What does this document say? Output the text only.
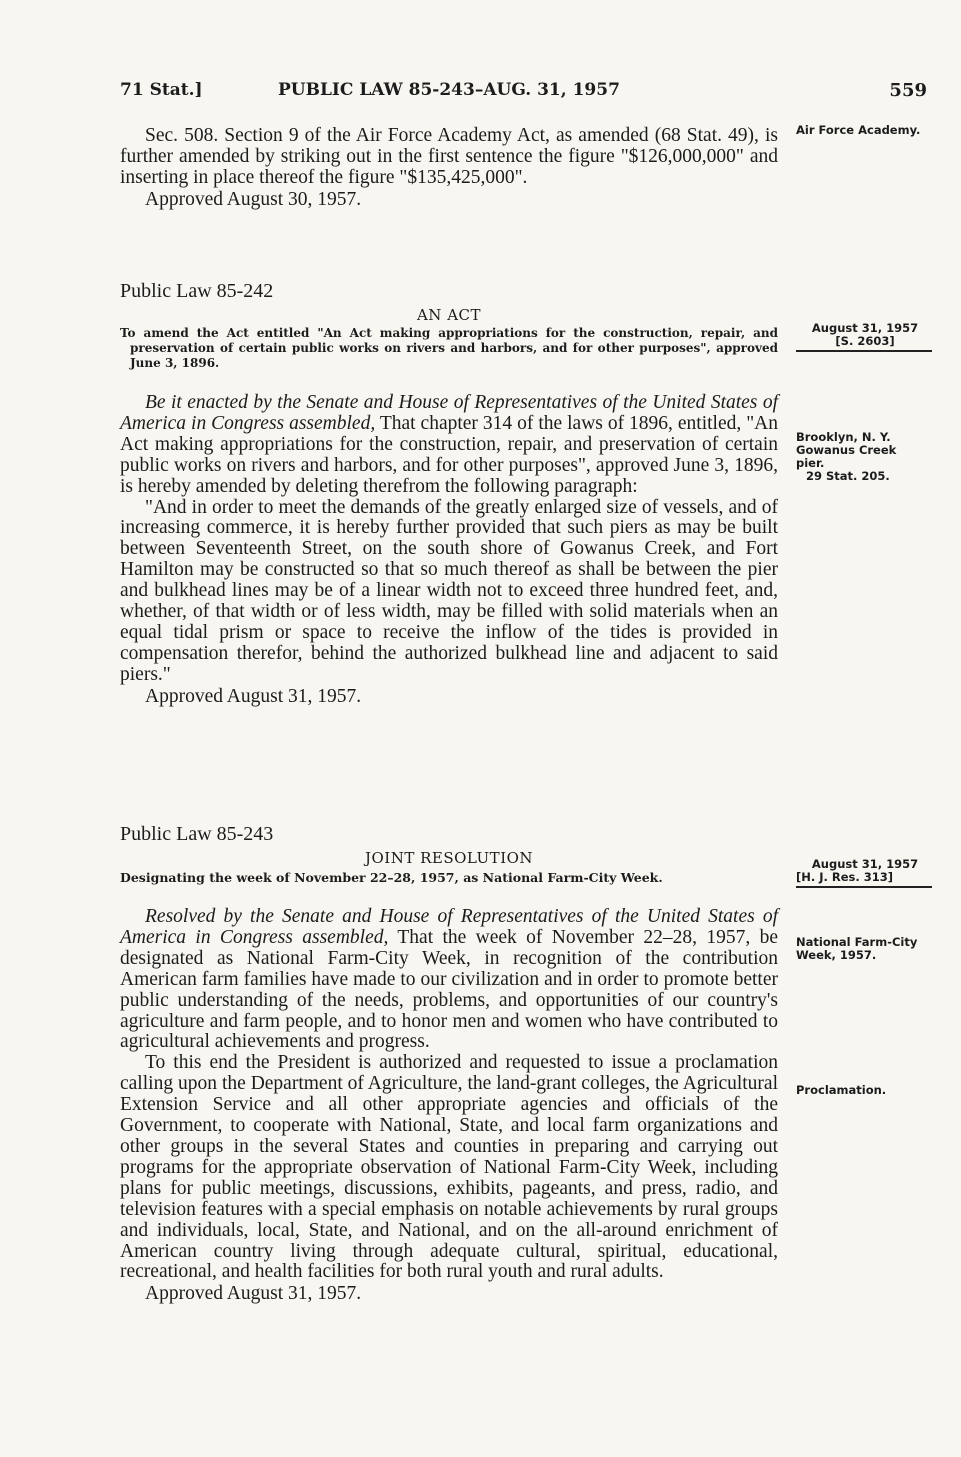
71 Stat.]	PUBLIC LAW 85-243–AUG. 31, 1957	559

Sec. 508. Section 9 of the Air Force Academy Act, as amended (68 Stat. 49), is further amended by striking out in the first sentence the figure "$126,000,000" and inserting in place thereof the figure "$135,425,000".

Approved August 30, 1957.

Air Force Academy.

Public Law 85-242

AN ACT

To amend the Act entitled "An Act making appropriations for the construction, repair, and preservation of certain public works on rivers and harbors, and for other purposes", approved June 3, 1896.

Be it enacted by the Senate and House of Representatives of the United States of America in Congress assembled, That chapter 314 of the laws of 1896, entitled, "An Act making appropriations for the construction, repair, and preservation of certain public works on rivers and harbors, and for other purposes", approved June 3, 1896, is hereby amended by deleting therefrom the following paragraph:

"And in order to meet the demands of the greatly enlarged size of vessels, and of increasing commerce, it is hereby further provided that such piers as may be built between Seventeenth Street, on the south shore of Gowanus Creek, and Fort Hamilton may be constructed so that so much thereof as shall be between the pier and bulkhead lines may be of a linear width not to exceed three hundred feet, and, whether, of that width or of less width, may be filled with solid materials when an equal tidal prism or space to receive the inflow of the tides is provided in compensation therefor, behind the authorized bulkhead line and adjacent to said piers."

Approved August 31, 1957.

August 31, 1957
[S. 2603]
Brooklyn, N. Y. Gowanus Creek pier.
29 Stat. 205.

Public Law 85-243

JOINT RESOLUTION

Designating the week of November 22–28, 1957, as National Farm-City Week.

Resolved by the Senate and House of Representatives of the United States of America in Congress assembled, That the week of November 22–28, 1957, be designated as National Farm-City Week, in recognition of the contribution American farm families have made to our civilization and in order to promote better public understanding of the needs, problems, and opportunities of our country's agriculture and farm people, and to honor men and women who have contributed to agricultural achievements and progress.

To this end the President is authorized and requested to issue a proclamation calling upon the Department of Agriculture, the land-grant colleges, the Agricultural Extension Service and all other appropriate agencies and officials of the Government, to cooperate with National, State, and local farm organizations and other groups in the several States and counties in preparing and carrying out programs for the appropriate observation of National Farm-City Week, including plans for public meetings, discussions, exhibits, pageants, and press, radio, and television features with a special emphasis on notable achievements by rural groups and individuals, local, State, and National, and on the all-around enrichment of American country living through adequate cultural, spiritual, educational, recreational, and health facilities for both rural youth and rural adults.

Approved August 31, 1957.

August 31, 1957
[H. J. Res. 313]
National Farm-City Week, 1957.
Proclamation.
